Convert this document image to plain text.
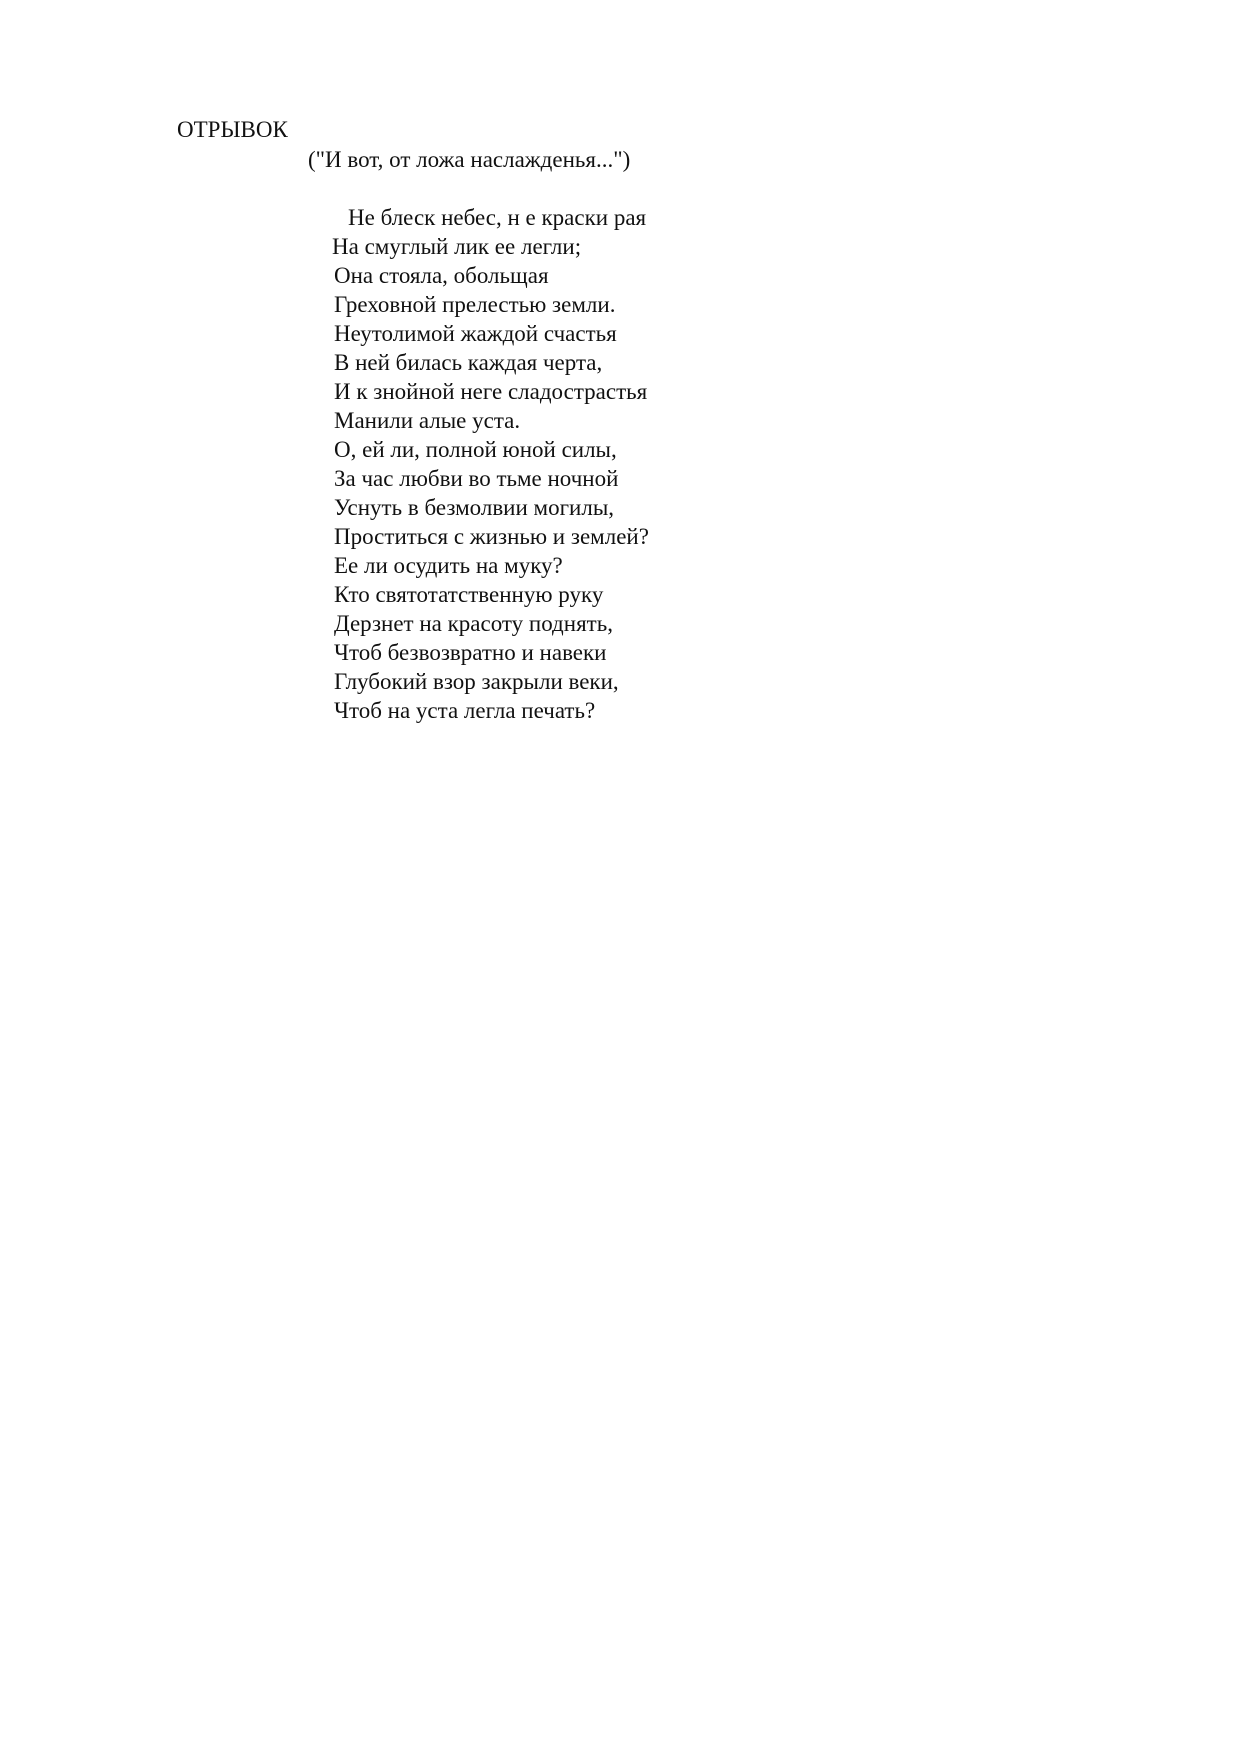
ОТРЫВОК
("И вот, от ложа наслажденья...")
Не блеск небес, н е краски рая
На смуглый лик ее легли;
Она стояла, обольщая
Греховной прелестью земли.
Неутолимой жаждой счастья
В ней билась каждая черта,
И к знойной неге сладострастья
Манили алые уста.
О, ей ли, полной юной силы,
За час любви во тьме ночной
Уснуть в безмолвии могилы,
Проститься с жизнью и землей?
Ее ли осудить на муку?
Кто святотатственную руку
Дерзнет на красоту поднять,
Чтоб безвозвратно и навеки
Глубокий взор закрыли веки,
Чтоб на уста легла печать?
